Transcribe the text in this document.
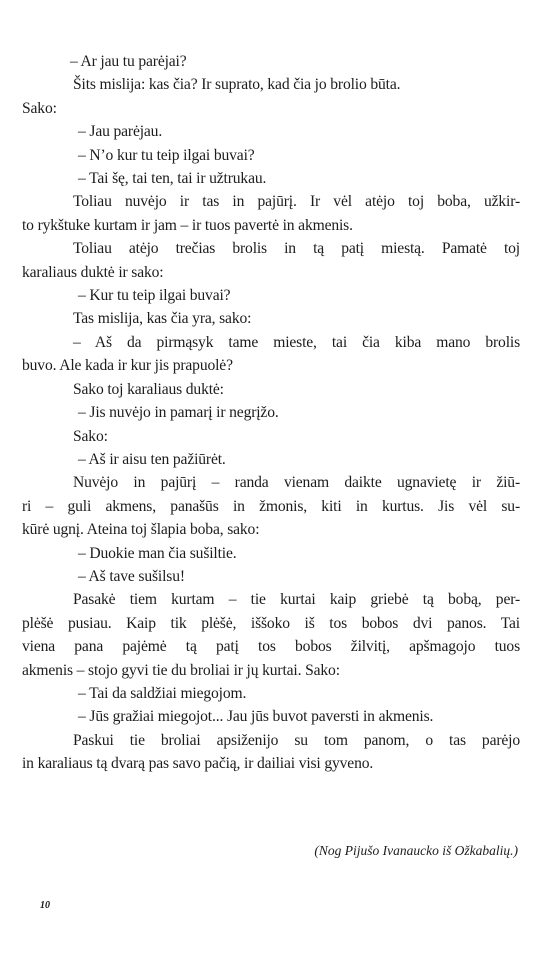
– Ar jau tu parėjai?
Šits mislija: kas čia? Ir suprato, kad čia jo brolio būta.
Sako:
– Jau parėjau.
– N’o kur tu teip ilgai buvai?
– Tai šę, tai ten, tai ir užtrukau.
Toliau nuvėjo ir tas in pajūrį. Ir vėl atėjo toj boba, užkir-
to rykštuke kurtam ir jam – ir tuos pavertė in akmenis.
Toliau atėjo trečias brolis in tą patį miestą. Pamatė toj
karaliaus duktė ir sako:
– Kur tu teip ilgai buvai?
Tas mislija, kas čia yra, sako:
– Aš da pirmąsyk tame mieste, tai čia kiba mano brolis
buvo. Ale kada ir kur jis prapuolė?
Sako toj karaliaus duktė:
– Jis nuvėjo in pamarį ir negrįžo.
Sako:
– Aš ir aisu ten pažiūrėt.
Nuvėjo in pajūrį – randa vienam daikte ugnavietę ir žiū-
ri – guli akmens, panašūs in žmonis, kiti in kurtus. Jis vėl su-
kūrė ugnį. Ateina toj šlapia boba, sako:
– Duokie man čia sušiltie.
– Aš tave sušilsu!
Pasakė tiem kurtam – tie kurtai kaip griebė tą bobą, per-
plėšė pusiau. Kaip tik plėšė, iššoko iš tos bobos dvi panos. Tai
viena pana pajėmė tą patį tos bobos žilvitį, apšmagojo tuos
akmenis – stojo gyvi tie du broliai ir jų kurtai. Sako:
– Tai da saldžiai miegojom.
– Jūs gražiai miegojot... Jau jūs buvot paversti in akmenis.
Paskui tie broliai apsiženijo su tom panom, o tas parėjo
in karaliaus tą dvarą pas savo pačią, ir dailiai visi gyveno.
(Nog Pijušo Ivanaucko iš Ožkabalių.)
10
